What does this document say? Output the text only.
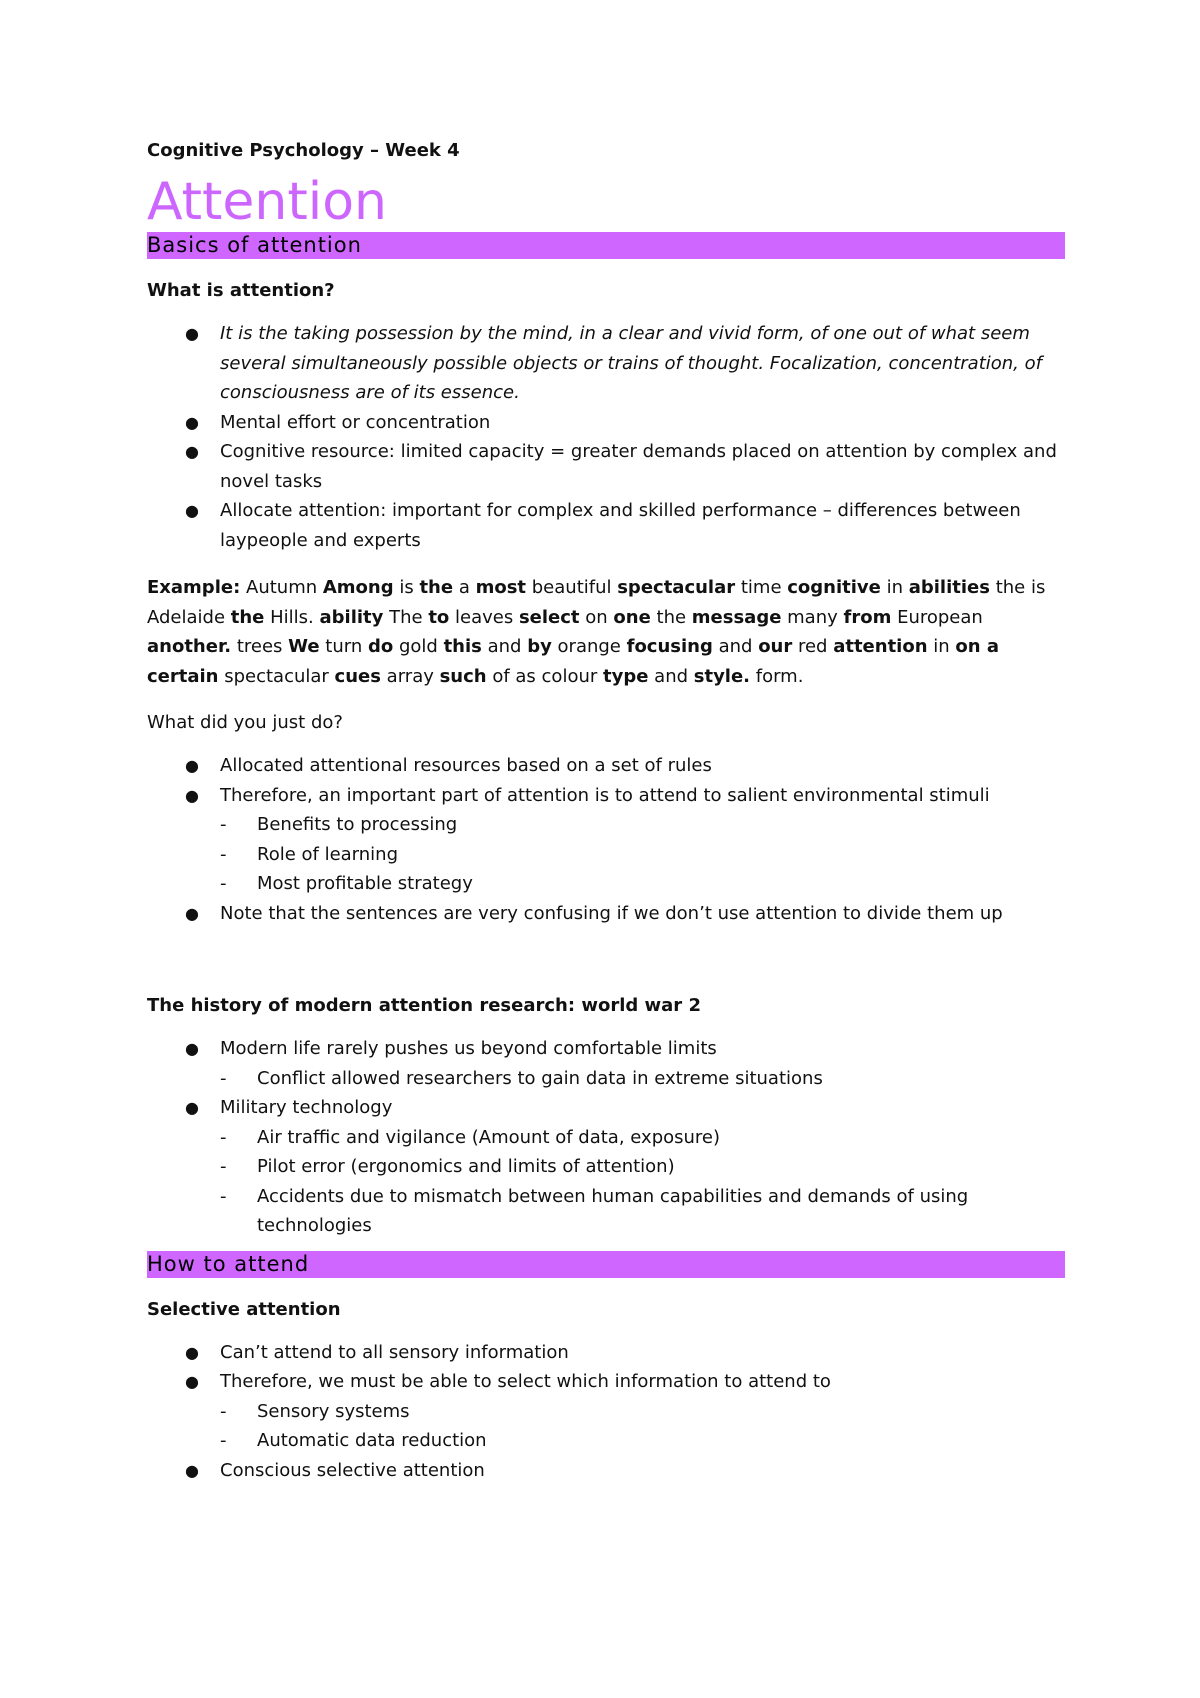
Cognitive Psychology – Week 4

Attention
Basics of attention

What is attention?

● It is the taking possession by the mind, in a clear and vivid form, of one out of what seem several simultaneously possible objects or trains of thought. Focalization, concentration, of consciousness are of its essence.
● Mental effort or concentration
● Cognitive resource: limited capacity = greater demands placed on attention by complex and novel tasks
● Allocate attention: important for complex and skilled performance – differences between laypeople and experts

Example: Autumn Among is the a most beautiful spectacular time cognitive in abilities the is Adelaide the Hills. ability The to leaves select on one the message many from European another. trees We turn do gold this and by orange focusing and our red attention in on a certain spectacular cues array such of as colour type and style. form.

What did you just do?

● Allocated attentional resources based on a set of rules
● Therefore, an important part of attention is to attend to salient environmental stimuli
- Benefits to processing
- Role of learning
- Most profitable strategy
● Note that the sentences are very confusing if we don’t use attention to divide them up

The history of modern attention research: world war 2

● Modern life rarely pushes us beyond comfortable limits
- Conflict allowed researchers to gain data in extreme situations
● Military technology
- Air traffic and vigilance (Amount of data, exposure)
- Pilot error (ergonomics and limits of attention)
- Accidents due to mismatch between human capabilities and demands of using technologies
How to attend

Selective attention

● Can’t attend to all sensory information
● Therefore, we must be able to select which information to attend to
- Sensory systems
- Automatic data reduction
● Conscious selective attention
